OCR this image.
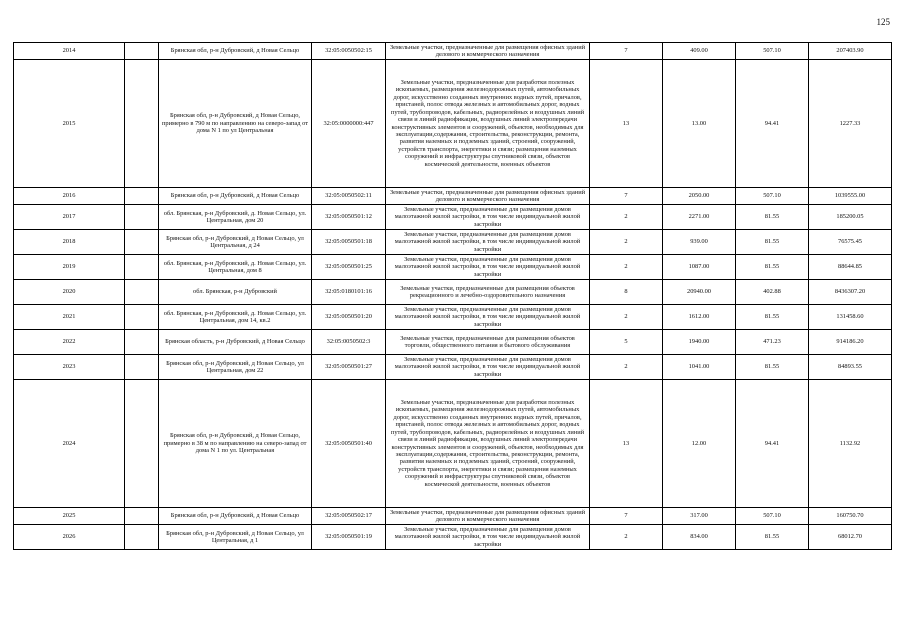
125
2014		Брянская обл, р-н Дубровский, д Новая Сельцо	32:05:0050502:15	Земельные участки, предназначенные для размещения офисных зданий делового и коммерческого назначения	7	409.00	507.10	207403.90
2015		Брянская обл, р-н Дубровский, д Новая Сельцо, примерно в 790 м по направлению на северо-запад от дома N 1 по ул Центральная	32:05:0000000:447	Земельные участки, предназначенные для разработки полезных ископаемых, размещения железнодорожных путей, автомобильных дорог, искусственно созданных внутренних водных путей, причалов, пристаней, полос отвода железных и автомобильных дорог, водных путей, трубопроводов, кабельных, радиорелейных и воздушных линий связи и линий радиофикации, воздушных линий электропередачи конструктивных элементов и сооружений, объектов, необходимых для эксплуатации,содержания, строительства, реконструкции, ремонта, развития наземных и подземных зданий, строений, сооружений, устройств транспорта, энергетики и связи; размещения наземных сооружений и инфраструктуры спутниковой связи, объектов космической деятельности, военных объектов	13	13.00	94.41	1227.33
2016		Брянская обл, р-н Дубровский, д Новая Сельцо	32:05:0050502:11	Земельные участки, предназначенные для размещения офисных зданий делового и коммерческого назначения	7	2050.00	507.10	1039555.00
2017		обл. Брянская, р-н Дубровский, д. Новая Сельцо, ул. Центральная, дом 20	32:05:0050501:12	Земельные участки, предназначенные для размещения домов малоэтажной жилой застройки, в том числе индивидуальной жилой застройки	2	2271.00	81.55	185200.05
2018		Брянская обл, р-н Дубровский, д Новая Сельцо, ул Центральная, д 24	32:05:0050501:18	Земельные участки, предназначенные для размещения домов малоэтажной жилой застройки, в том числе индивидуальной жилой застройки	2	939.00	81.55	76575.45
2019		обл. Брянская, р-н Дубровский, д. Новая Сельцо, ул. Центральная, дом 8	32:05:0050501:25	Земельные участки, предназначенные для размещения домов малоэтажной жилой застройки, в том числе индивидуальной жилой застройки	2	1087.00	81.55	88644.85
2020		обл. Брянская, р-н Дубровский	32:05:0180101:16	Земельные участки, предназначенные для размещения объектов рекреационного и лечебно-оздоровительного назначения	8	20940.00	402.88	8436307.20
2021		обл. Брянская, р-н Дубровский, д. Новая Сельцо, ул. Центральная, дом 14, кв.2	32:05:0050501:20	Земельные участки, предназначенные для размещения домов малоэтажной жилой застройки, в том числе индивидуальной жилой застройки	2	1612.00	81.55	131458.60
2022		Брянская область, р-н Дубровский, д Новая Сельцо	32:05:0050502:3	Земельные участки, предназначенные для размещения объектов торговли, общественного питания и бытового обслуживания	5	1940.00	471.23	914186.20
2023		Брянская обл, р-н Дубровский, д Новая Сельцо, ул Центральная, дом 22	32:05:0050501:27	Земельные участки, предназначенные для размещения домов малоэтажной жилой застройки, в том числе индивидуальной жилой застройки	2	1041.00	81.55	84893.55
2024		Брянская обл, р-н Дубровский, д Новая Сельцо, примерно в 38 м по направлению на северо-запад от дома N 1 по ул. Центральная	32:05:0050501:40	Земельные участки, предназначенные для разработки полезных ископаемых, размещения железнодорожных путей, автомобильных дорог, искусственно созданных внутренних водных путей, причалов, пристаней, полос отвода железных и автомобильных дорог, водных путей, трубопроводов, кабельных, радиорелейных и воздушных линий связи и линий радиофикации, воздушных линий электропередачи конструктивных элементов и сооружений, объектов, необходимых для эксплуатации,содержания, строительства, реконструкции, ремонта, развития наземных и подземных зданий, строений, сооружений, устройств транспорта, энергетики и связи; размещения наземных сооружений и инфраструктуры спутниковой связи, объектов космической деятельности, военных объектов	13	12.00	94.41	1132.92
2025		Брянская обл, р-н Дубровский, д Новая Сельцо	32:05:0050502:17	Земельные участки, предназначенные для размещения офисных зданий делового и коммерческого назначения	7	317.00	507.10	160750.70
2026		Брянская обл, р-н Дубровский, д Новая Сельцо, ул Центральная, д 1	32:05:0050501:19	Земельные участки, предназначенные для размещения домов малоэтажной жилой застройки, в том числе индивидуальной жилой застройки	2	834.00	81.55	68012.70
